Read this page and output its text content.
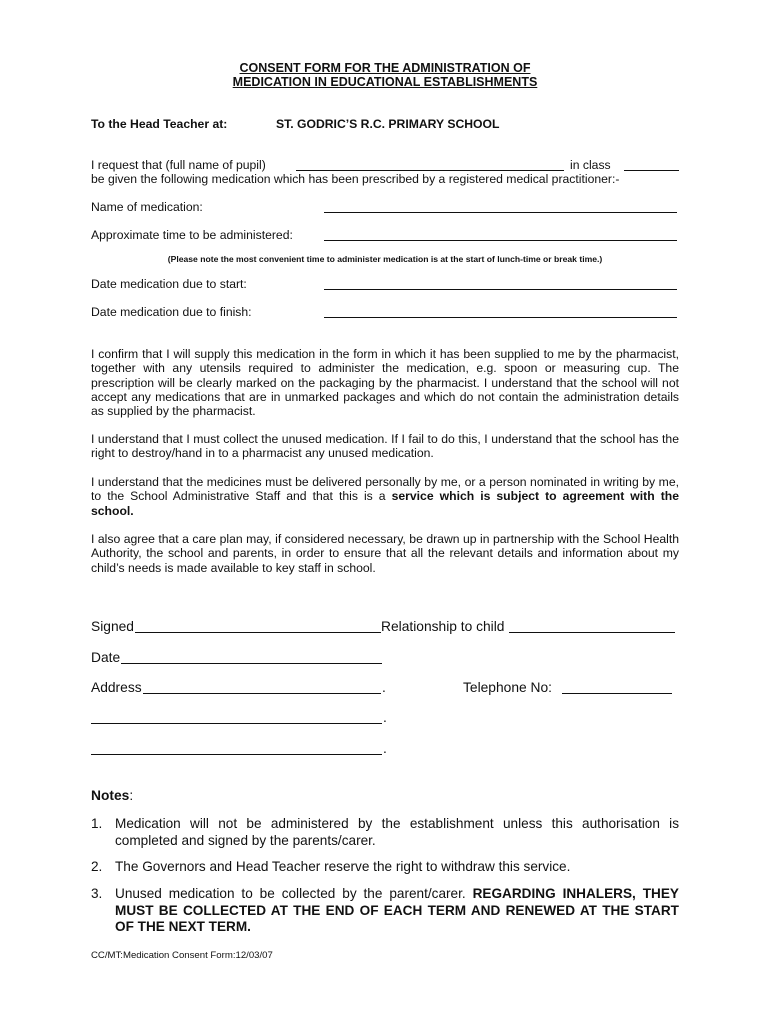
CONSENT FORM FOR THE ADMINISTRATION OF
MEDICATION IN EDUCATIONAL ESTABLISHMENTS
To the Head Teacher at:	ST. GODRIC’S R.C. PRIMARY SCHOOL
I request that (full name of pupil)	in class
be given the following medication which has been prescribed by a registered medical practitioner:-
Name of medication:
Approximate time to be administered:
(Please note the most convenient time to administer medication is at the start of lunch-time or break time.)
Date medication due to start:
Date medication due to finish:
I confirm that I will supply this medication in the form in which it has been supplied to me by the pharmacist, together with any utensils required to administer the medication, e.g. spoon or measuring cup. The prescription will be clearly marked on the packaging by the pharmacist. I understand that the school will not accept any medications that are in unmarked packages and which do not contain the administration details as supplied by the pharmacist.
I understand that I must collect the unused medication. If I fail to do this, I understand that the school has the right to destroy/hand in to a pharmacist any unused medication.
I understand that the medicines must be delivered personally by me, or a person nominated in writing by me, to the School Administrative Staff and that this is a service which is subject to agreement with the school.
I also agree that a care plan may, if considered necessary, be drawn up in partnership with the School Health Authority, the school and parents, in order to ensure that all the relevant details and information about my child’s needs is made available to key staff in school.
Signed	Relationship to child
Date
Address	.	Telephone No:
.
.
Notes:
1. Medication will not be administered by the establishment unless this authorisation is completed and signed by the parents/carer.
2. The Governors and Head Teacher reserve the right to withdraw this service.
3. Unused medication to be collected by the parent/carer. REGARDING INHALERS, THEY MUST BE COLLECTED AT THE END OF EACH TERM AND RENEWED AT THE START OF THE NEXT TERM.
CC/MT:Medication Consent Form:12/03/07
